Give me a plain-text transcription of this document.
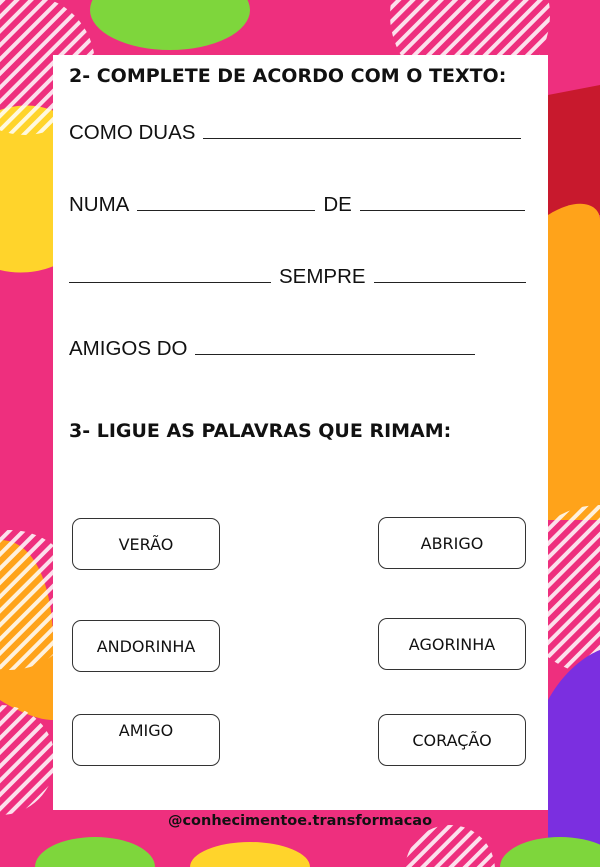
2- COMPLETE DE ACORDO COM O TEXTO:
COMO DUAS
NUMA	DE
SEMPRE
AMIGOS DO
3- LIGUE AS PALAVRAS QUE RIMAM:
VERÃO
ANDORINHA
AMIGO
ABRIGO
AGORINHA
CORAÇÃO
@conhecimentoe.transformacao
